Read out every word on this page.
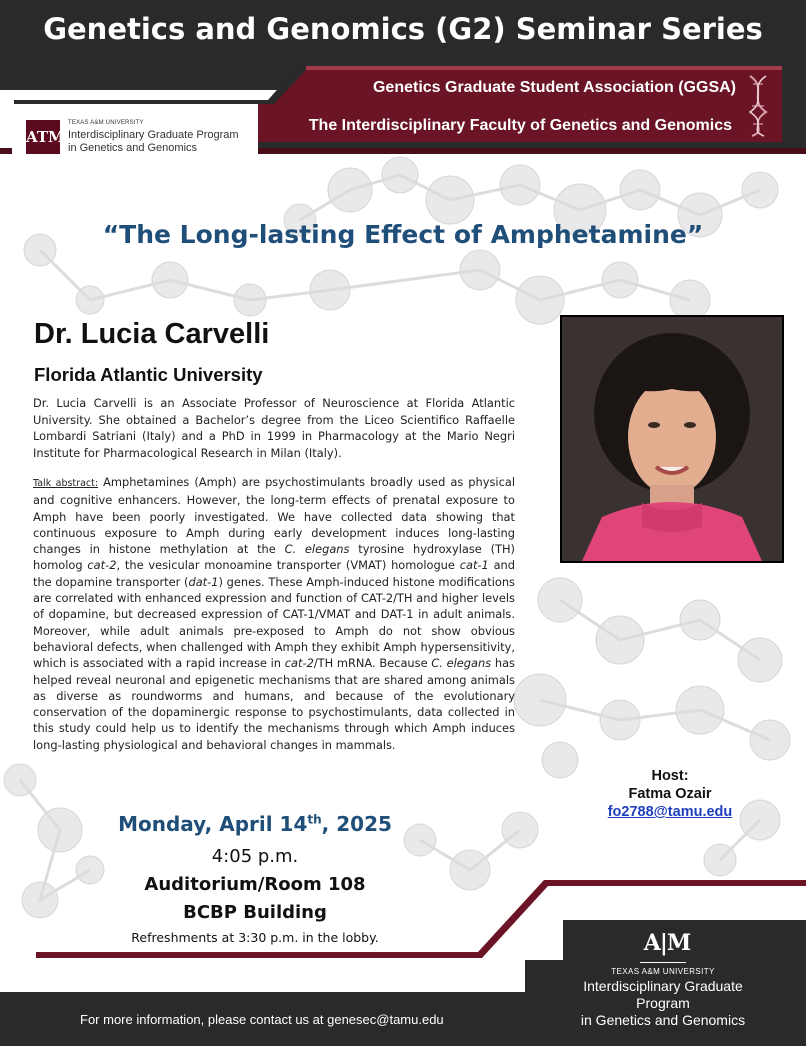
Genetics and Genomics (G2) Seminar Series
Genetics Graduate Student Association (GGSA)
The Interdisciplinary Faculty of Genetics and Genomics
ATM
TEXAS A&M UNIVERSITY
Interdisciplinary Graduate Program
in Genetics and Genomics
“The Long-lasting Effect of Amphetamine”
Dr. Lucia Carvelli
Florida Atlantic University
Dr. Lucia Carvelli is an Associate Professor of Neuroscience at Florida Atlantic University. She obtained a Bachelor’s degree from the Liceo Scientifico Raffaelle Lombardi Satriani (Italy) and a PhD in 1999 in Pharmacology at the Mario Negri Institute for Pharmacological Research in Milan (Italy).
Talk abstract: Amphetamines (Amph) are psychostimulants broadly used as physical and cognitive enhancers. However, the long-term effects of prenatal exposure to Amph have been poorly investigated. We have collected data showing that continuous exposure to Amph during early development induces long-lasting changes in histone methylation at the C. elegans tyrosine hydroxylase (TH) homolog cat-2, the vesicular monoamine transporter (VMAT) homologue cat-1 and the dopamine transporter (dat-1) genes. These Amph-induced histone modifications are correlated with enhanced expression and function of CAT-2/TH and higher levels of dopamine, but decreased expression of CAT-1/VMAT and DAT-1 in adult animals. Moreover, while adult animals pre-exposed to Amph do not show obvious behavioral defects, when challenged with Amph they exhibit Amph hypersensitivity, which is associated with a rapid increase in cat-2/TH mRNA. Because C. elegans has helped reveal neuronal and epigenetic mechanisms that are shared among animals as diverse as roundworms and humans, and because of the evolutionary conservation of the dopaminergic response to psychostimulants, data collected in this study could help us to identify the mechanisms through which Amph induces long-lasting physiological and behavioral changes in mammals.
Host:
Fatma Ozair
fo2788@tamu.edu
Monday, April 14th, 2025
4:05 p.m.
Auditorium/Room 108
BCBP Building
Refreshments at 3:30 p.m. in the lobby.
For more information, please contact us at genesec@tamu.edu
A|M
TEXAS A&M UNIVERSITY
Interdisciplinary Graduate Program
in Genetics and Genomics
